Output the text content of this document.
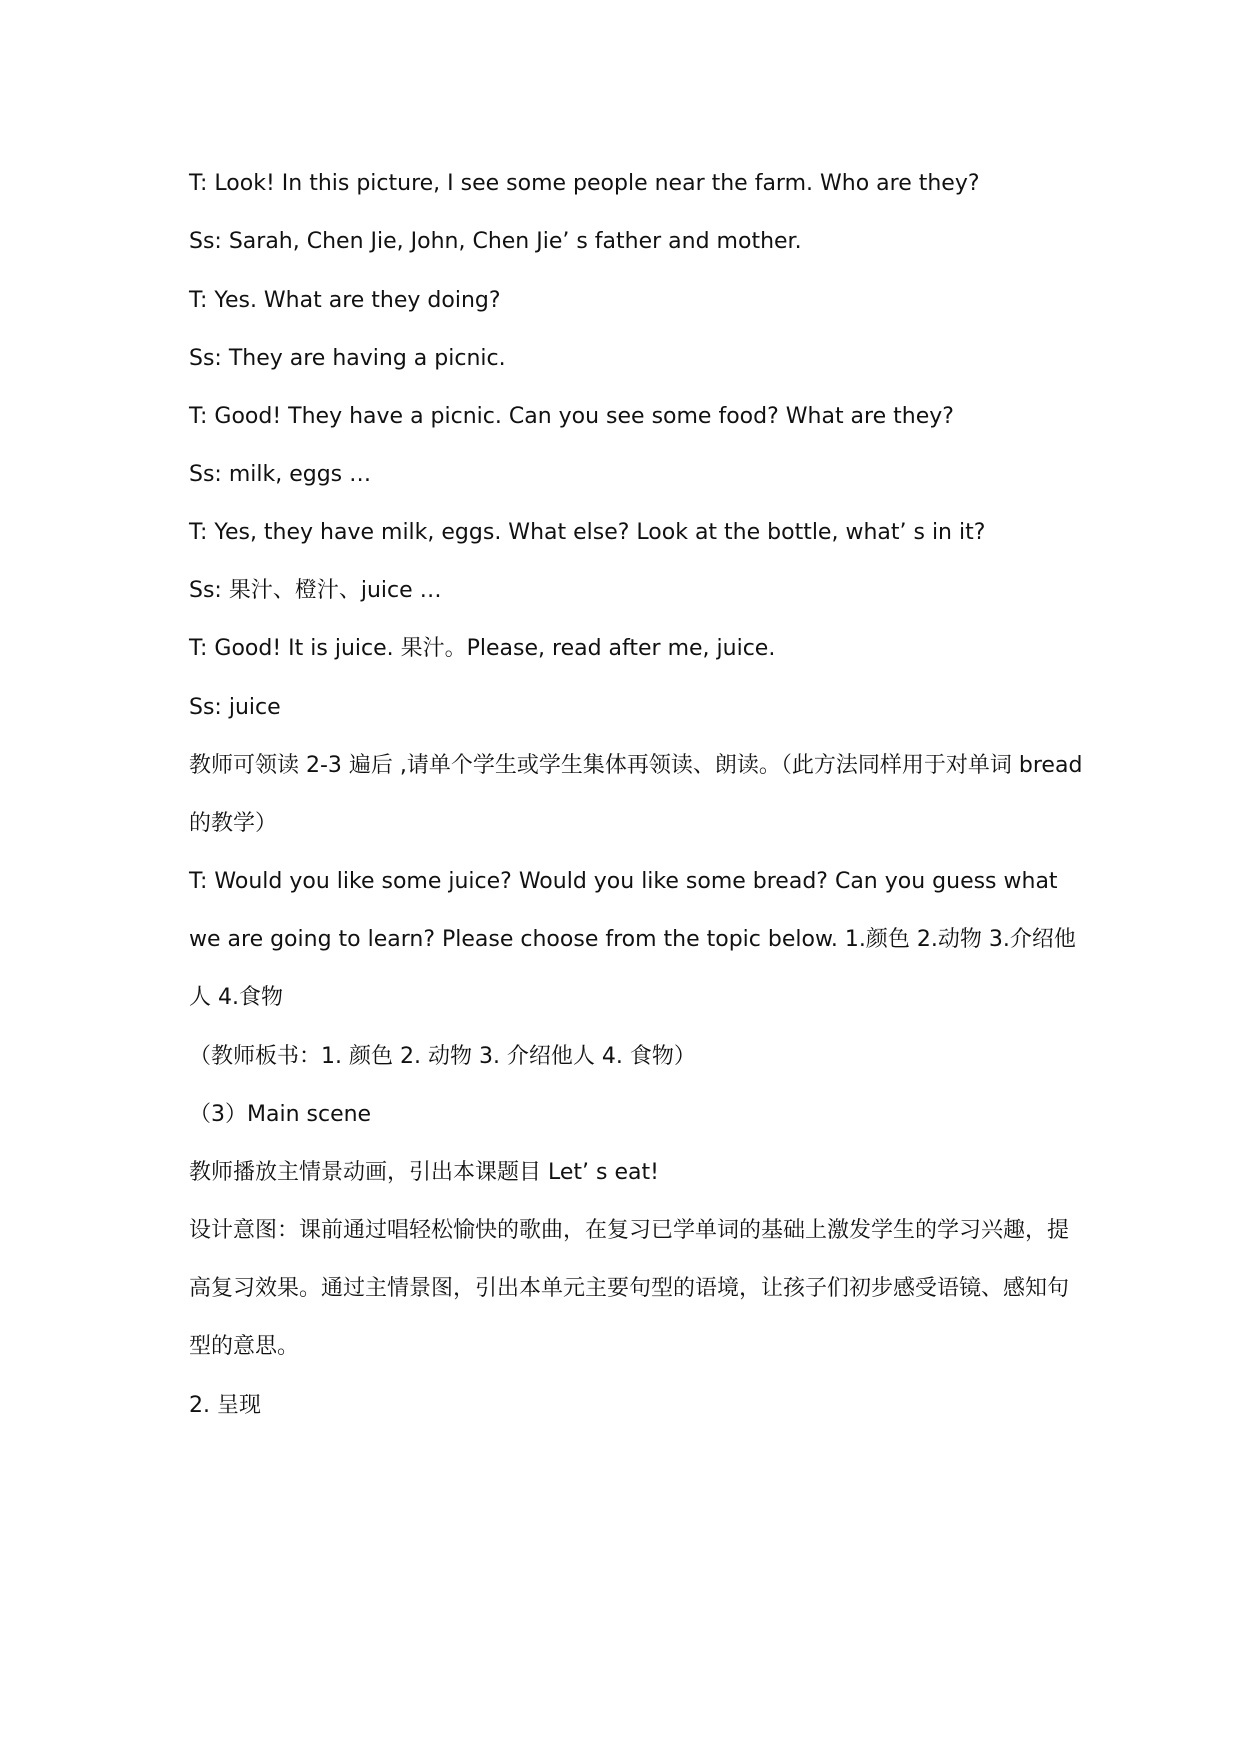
T: Look! In this picture, I see some people near the farm. Who are they?
Ss: Sarah, Chen Jie, John, Chen Jie’ s father and mother.
T: Yes. What are they doing?
Ss: They are having a picnic.
T: Good! They have a picnic. Can you see some food? What are they?
Ss: milk, eggs …
T: Yes, they have milk, eggs. What else? Look at the bottle, what’ s in it?
Ss: 果汁、橙汁、juice …
T: Good! It is juice. 果汁。Please, read after me, juice.
Ss: juice
教师可领读 2-3 遍后 ,请单个学生或学生集体再领读、朗读。（此方法同样用于对单词 bread
的教学）
T: Would you like some juice? Would you like some bread? Can you guess what
we are going to learn? Please choose from the topic below. 1.颜色 2.动物 3.介绍他
人 4.食物
（教师板书：1. 颜色 2. 动物 3. 介绍他人 4. 食物）
（3）Main scene
教师播放主情景动画，引出本课题目 Let’ s eat!
设计意图：课前通过唱轻松愉快的歌曲，在复习已学单词的基础上激发学生的学习兴趣，提
高复习效果。通过主情景图，引出本单元主要句型的语境，让孩子们初步感受语镜、感知句
型的意思。
2. 呈现
